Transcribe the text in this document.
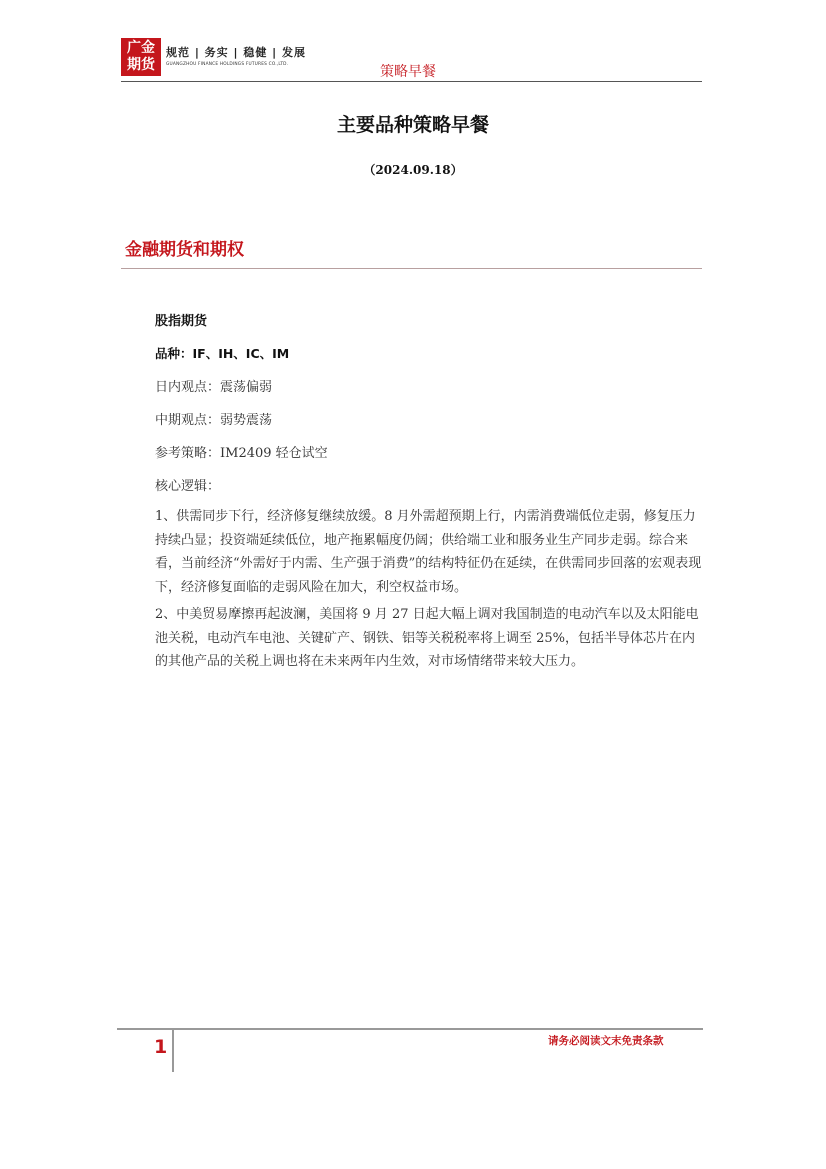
广金
期货
规范 | 务实 | 稳健 | 发展
GUANGZHOU FINANCE HOLDINGS FUTURES CO.,LTD.	策略早餐
主要品种策略早餐
（2024.09.18）
金融期货和期权
股指期货
品种：IF、IH、IC、IM
日内观点：震荡偏弱
中期观点：弱势震荡
参考策略：IM2409 轻仓试空
核心逻辑：
1、供需同步下行，经济修复继续放缓。8 月外需超预期上行，内需消费端低位走弱，修复压力持续凸显；投资端延续低位，地产拖累幅度仍阔；供给端工业和服务业生产同步走弱。综合来看，当前经济“外需好于内需、生产强于消费”的结构特征仍在延续，在供需同步回落的宏观表现下，经济修复面临的走弱风险在加大，利空权益市场。
2、中美贸易摩擦再起波澜，美国将 9 月 27 日起大幅上调对我国制造的电动汽车以及太阳能电池关税，电动汽车电池、关键矿产、钢铁、铝等关税税率将上调至 25%，包括半导体芯片在内的其他产品的关税上调也将在未来两年内生效，对市场情绪带来较大压力。
1	请务必阅读文末免责条款
